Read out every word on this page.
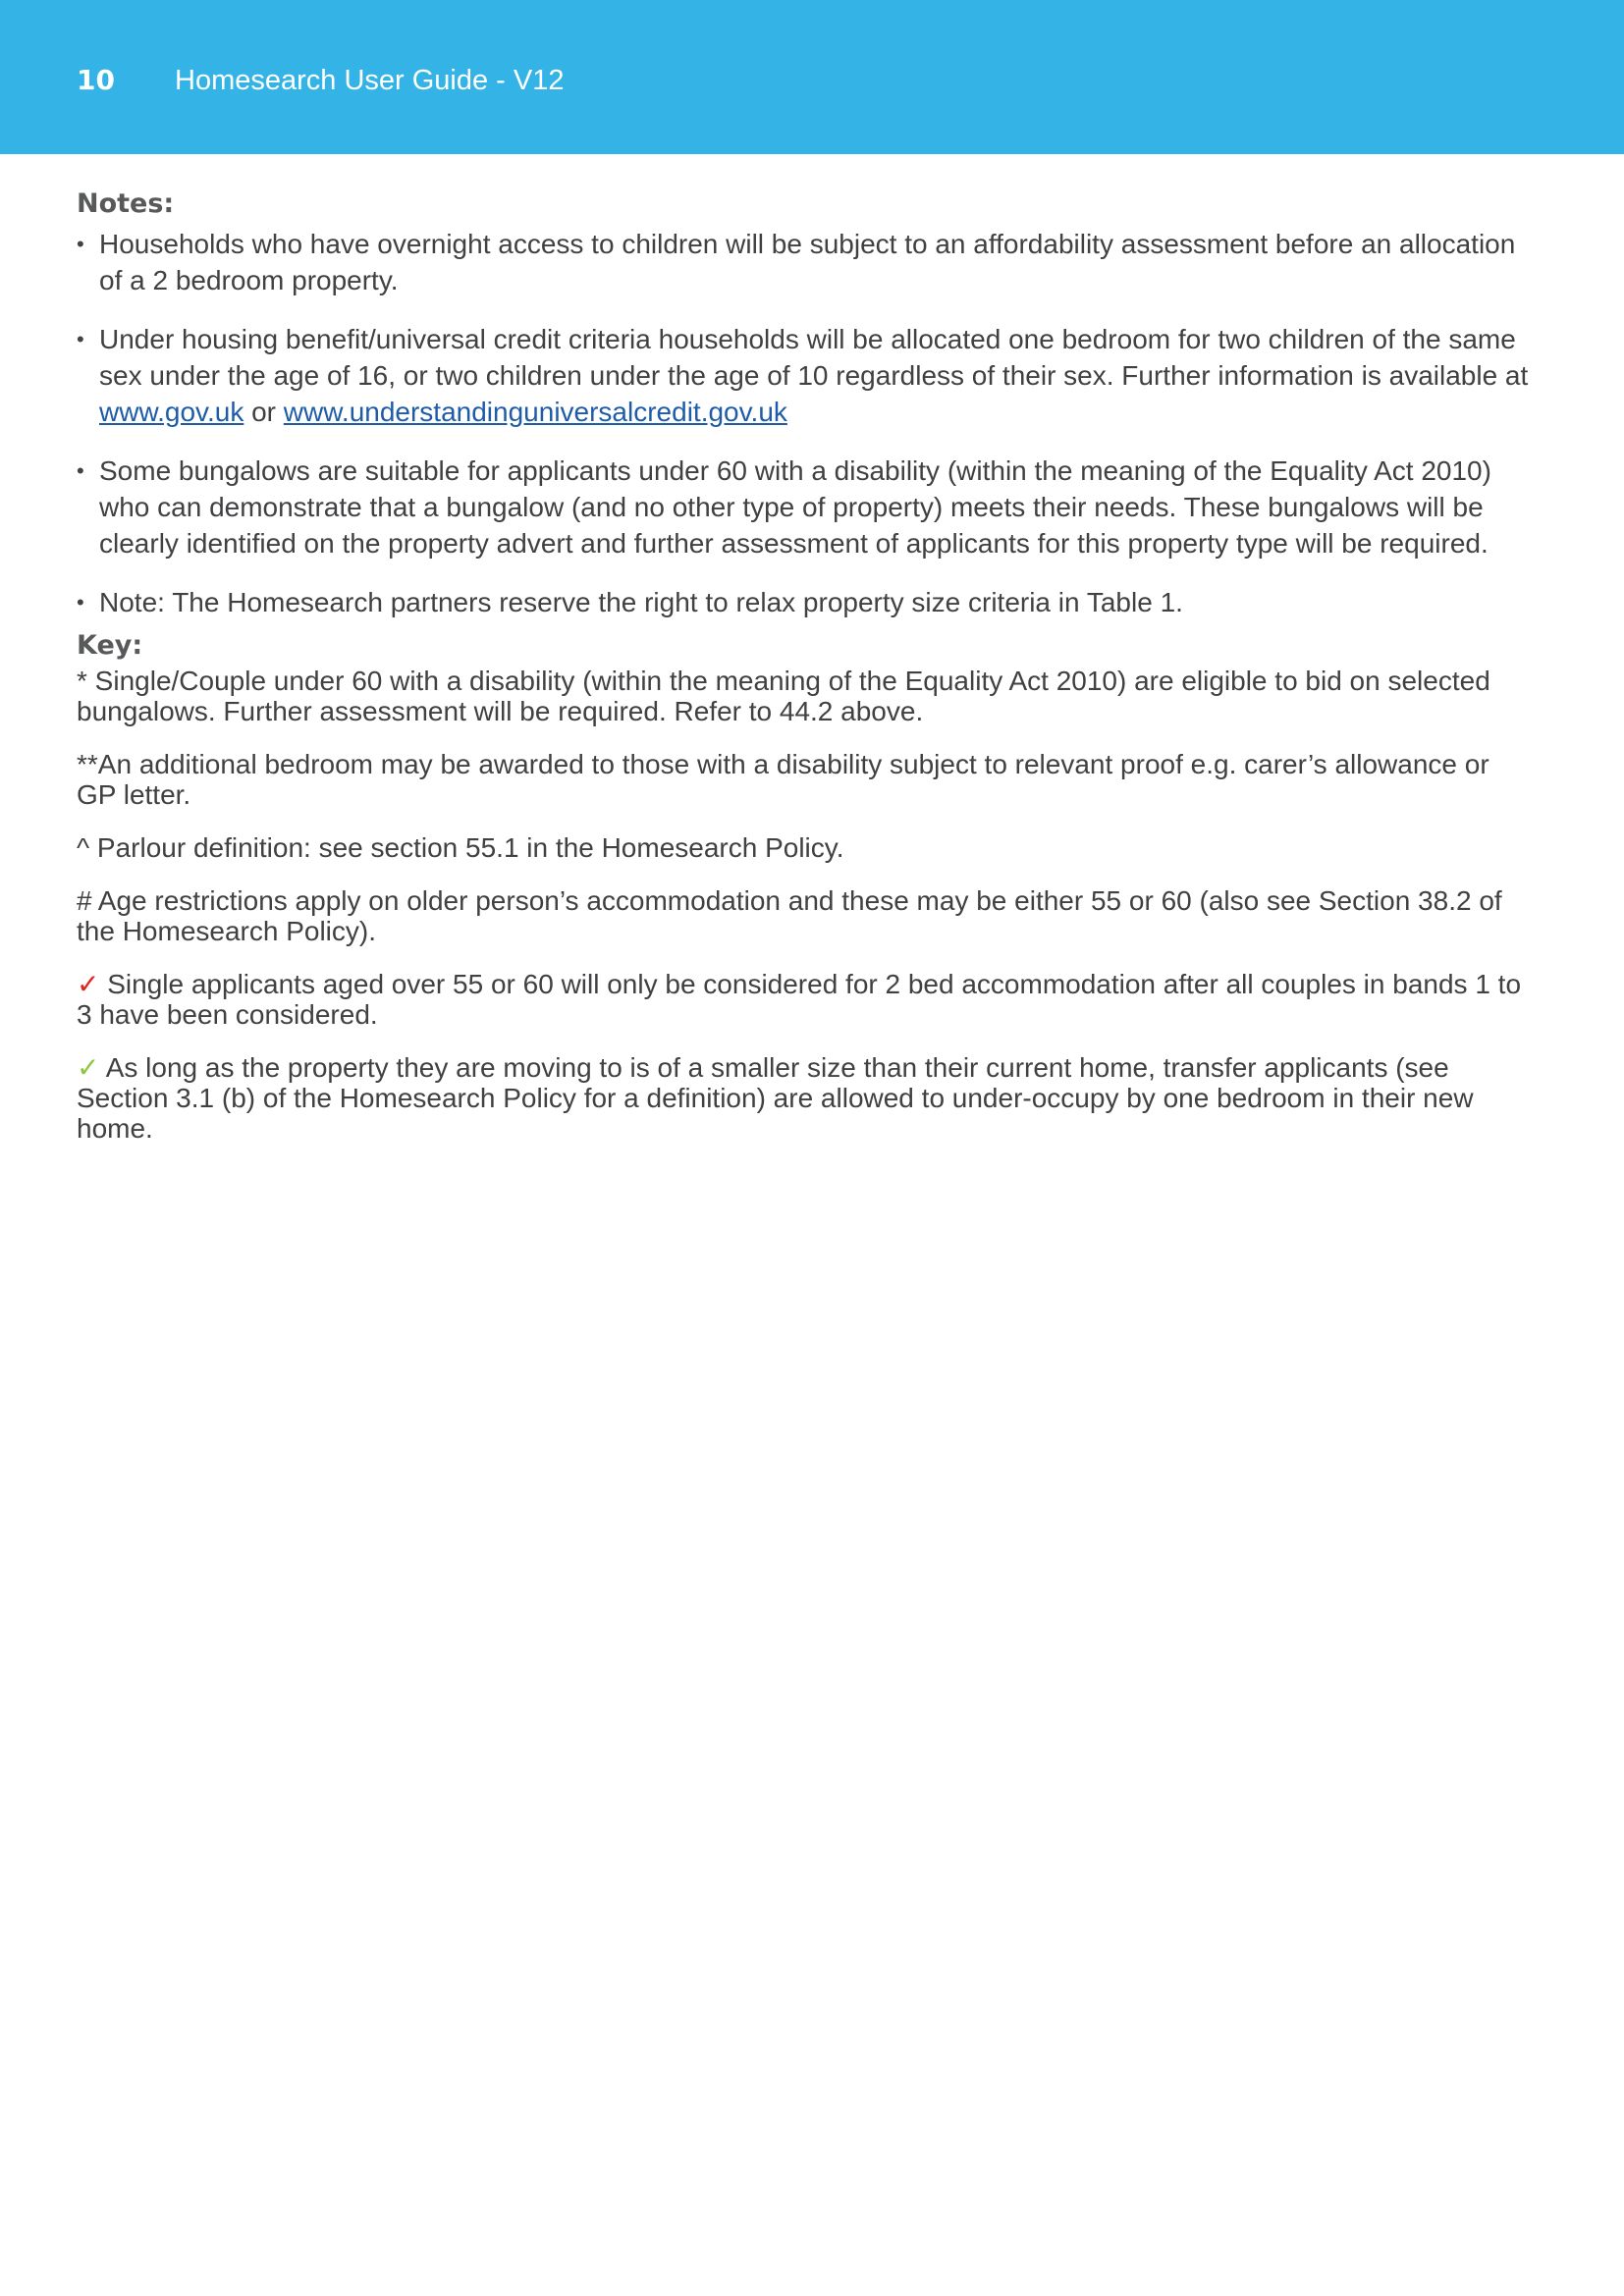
10 Homesearch User Guide - V12
Notes:
• Households who have overnight access to children will be subject to an affordability assessment before an allocation of a 2 bedroom property.
• Under housing benefit/universal credit criteria households will be allocated one bedroom for two children of the same sex under the age of 16, or two children under the age of 10 regardless of their sex. Further information is available at www.gov.uk or www.understandinguniversalcredit.gov.uk
• Some bungalows are suitable for applicants under 60 with a disability (within the meaning of the Equality Act 2010) who can demonstrate that a bungalow (and no other type of property) meets their needs. These bungalows will be clearly identified on the property advert and further assessment of applicants for this property type will be required.
• Note: The Homesearch partners reserve the right to relax property size criteria in Table 1.
Key:

* Single/Couple under 60 with a disability (within the meaning of the Equality Act 2010) are eligible to bid on selected bungalows. Further assessment will be required. Refer to 44.2 above.

**An additional bedroom may be awarded to those with a disability subject to relevant proof e.g. carer’s allowance or GP letter.

^ Parlour definition: see section 55.1 in the Homesearch Policy.

# Age restrictions apply on older person’s accommodation and these may be either 55 or 60 (also see Section 38.2 of the Homesearch Policy).

✓ Single applicants aged over 55 or 60 will only be considered for 2 bed accommodation after all couples in bands 1 to 3 have been considered.

✓ As long as the property they are moving to is of a smaller size than their current home, transfer applicants (see Section 3.1 (b) of the Homesearch Policy for a definition) are allowed to under-occupy by one bedroom in their new home.
